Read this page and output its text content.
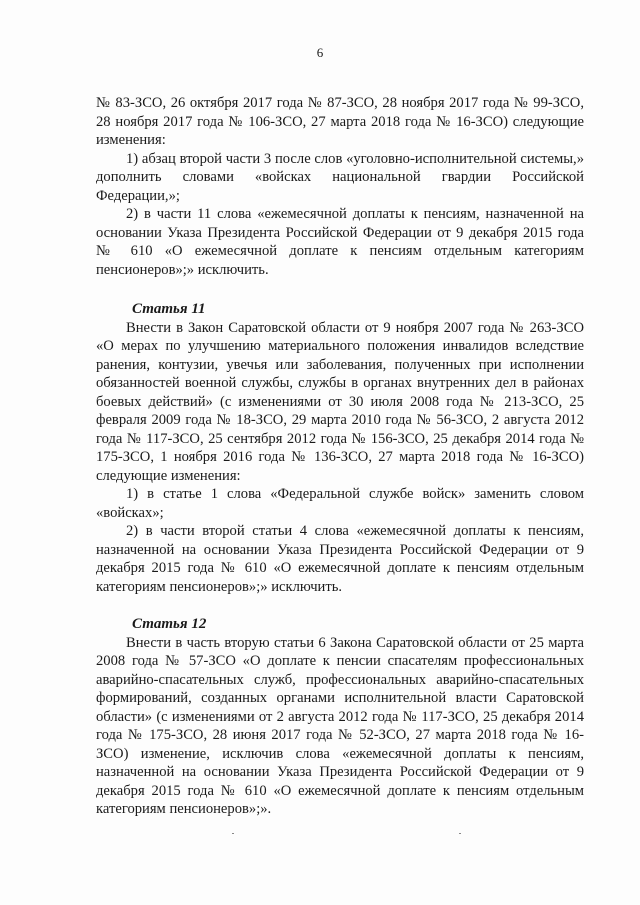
6

№ 83-ЗСО, 26 октября 2017 года № 87-ЗСО, 28 ноября 2017 года № 99-ЗСО, 28 ноября 2017 года № 106-ЗСО, 27 марта 2018 года № 16-ЗСО) следующие изменения:

1) абзац второй части 3 после слов «уголовно-исполнительной системы,» дополнить словами «войсках национальной гвардии Российской Федерации,»;

2) в части 11 слова «ежемесячной доплаты к пенсиям, назначенной на основании Указа Президента Российской Федерации от 9 декабря 2015 года № 610 «О ежемесячной доплате к пенсиям отдельным категориям пенсионеров»;» исключить.

Статья 11

Внести в Закон Саратовской области от 9 ноября 2007 года № 263-ЗСО «О мерах по улучшению материального положения инвалидов вследствие ранения, контузии, увечья или заболевания, полученных при исполнении обязанностей военной службы, службы в органах внутренних дел в районах боевых действий» (с изменениями от 30 июля 2008 года № 213-ЗСО, 25 февраля 2009 года № 18-ЗСО, 29 марта 2010 года № 56-ЗСО, 2 августа 2012 года № 117-ЗСО, 25 сентября 2012 года № 156-ЗСО, 25 декабря 2014 года № 175-ЗСО, 1 ноября 2016 года № 136-ЗСО, 27 марта 2018 года № 16-ЗСО) следующие изменения:

1) в статье 1 слова «Федеральной службе войск» заменить словом «войсках»;

2) в части второй статьи 4 слова «ежемесячной доплаты к пенсиям, назначенной на основании Указа Президента Российской Федерации от 9 декабря 2015 года № 610 «О ежемесячной доплате к пенсиям отдельным категориям пенсионеров»;» исключить.

Статья 12

Внести в часть вторую статьи 6 Закона Саратовской области от 25 марта 2008 года № 57-ЗСО «О доплате к пенсии спасателям профессиональных аварийно-спасательных служб, профессиональных аварийно-спасательных формирований, созданных органами исполнительной власти Саратовской области» (с изменениями от 2 августа 2012 года № 117-ЗСО, 25 декабря 2014 года № 175-ЗСО, 28 июня 2017 года № 52-ЗСО, 27 марта 2018 года № 16-ЗСО) изменение, исключив слова «ежемесячной доплаты к пенсиям, назначенной на основании Указа Президента Российской Федерации от 9 декабря 2015 года № 610 «О ежемесячной доплате к пенсиям отдельным категориям пенсионеров»;».
